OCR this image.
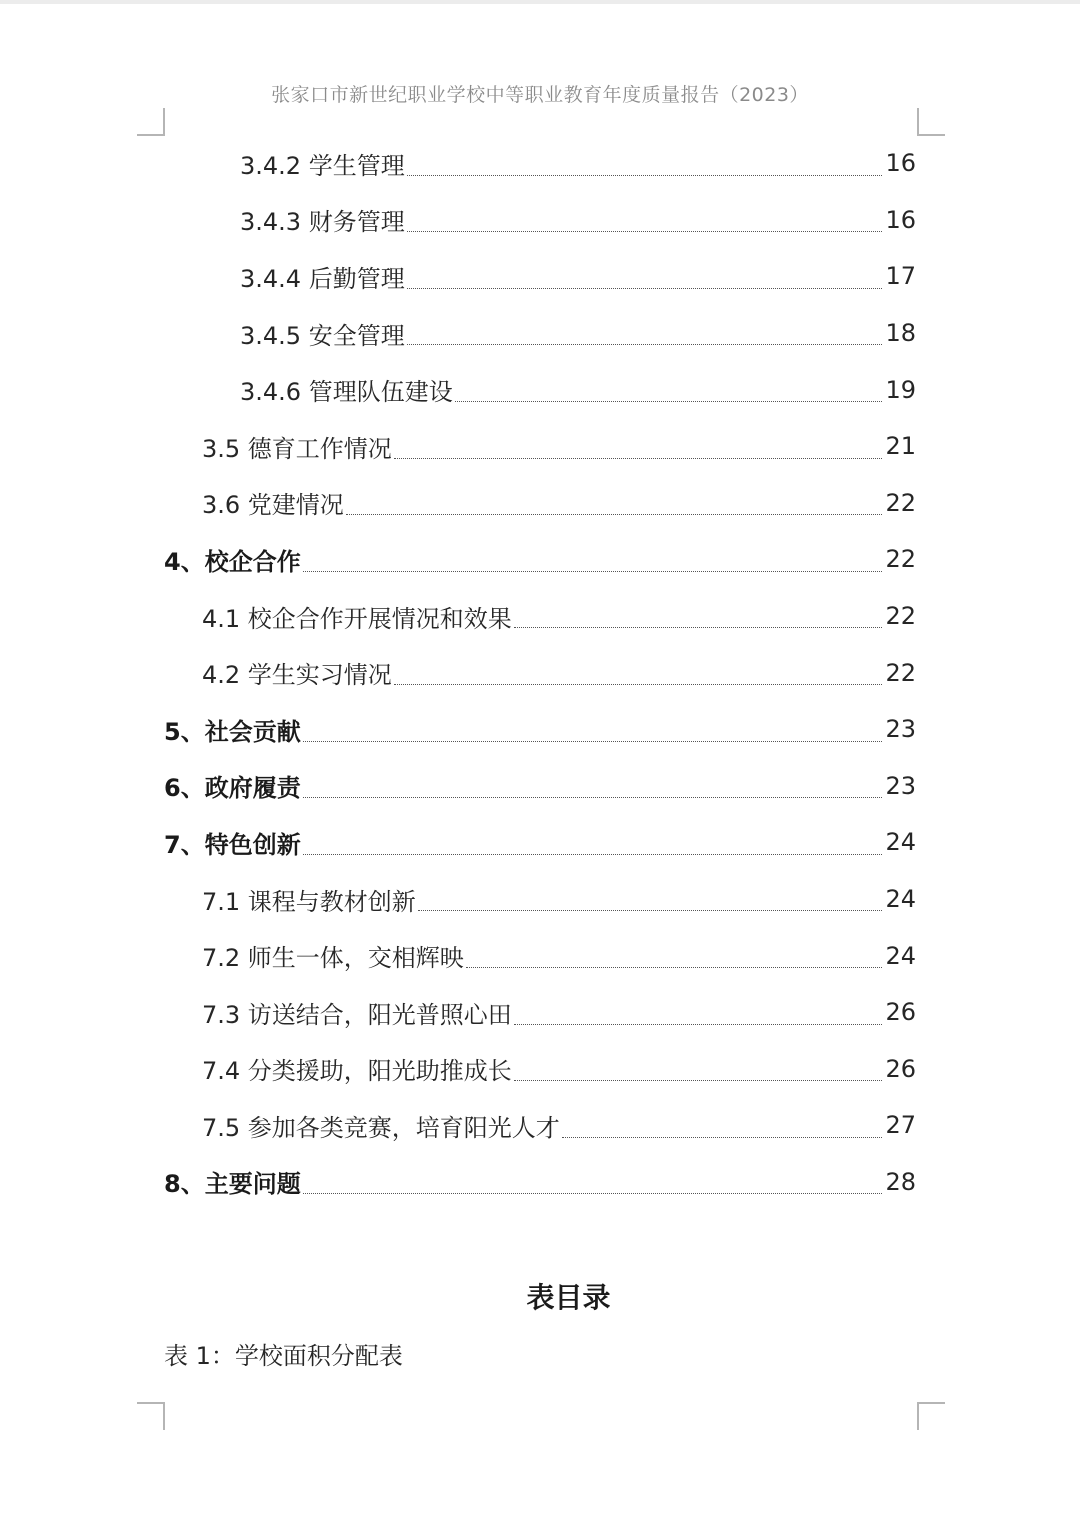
张家口市新世纪职业学校中等职业教育年度质量报告（2023）
3.4.2 学生管理	16
3.4.3 财务管理	16
3.4.4 后勤管理	17
3.4.5 安全管理	18
3.4.6 管理队伍建设	19
3.5 德育工作情况	21
3.6 党建情况	22
4、校企合作	22
4.1 校企合作开展情况和效果	22
4.2 学生实习情况	22
5、社会贡献	23
6、政府履责	23
7、特色创新	24
7.1 课程与教材创新	24
7.2 师生一体，交相辉映	24
7.3 访送结合，阳光普照心田	26
7.4 分类援助，阳光助推成长	26
7.5 参加各类竞赛，培育阳光人才	27
8、主要问题	28
表目录
表 1：学校面积分配表
